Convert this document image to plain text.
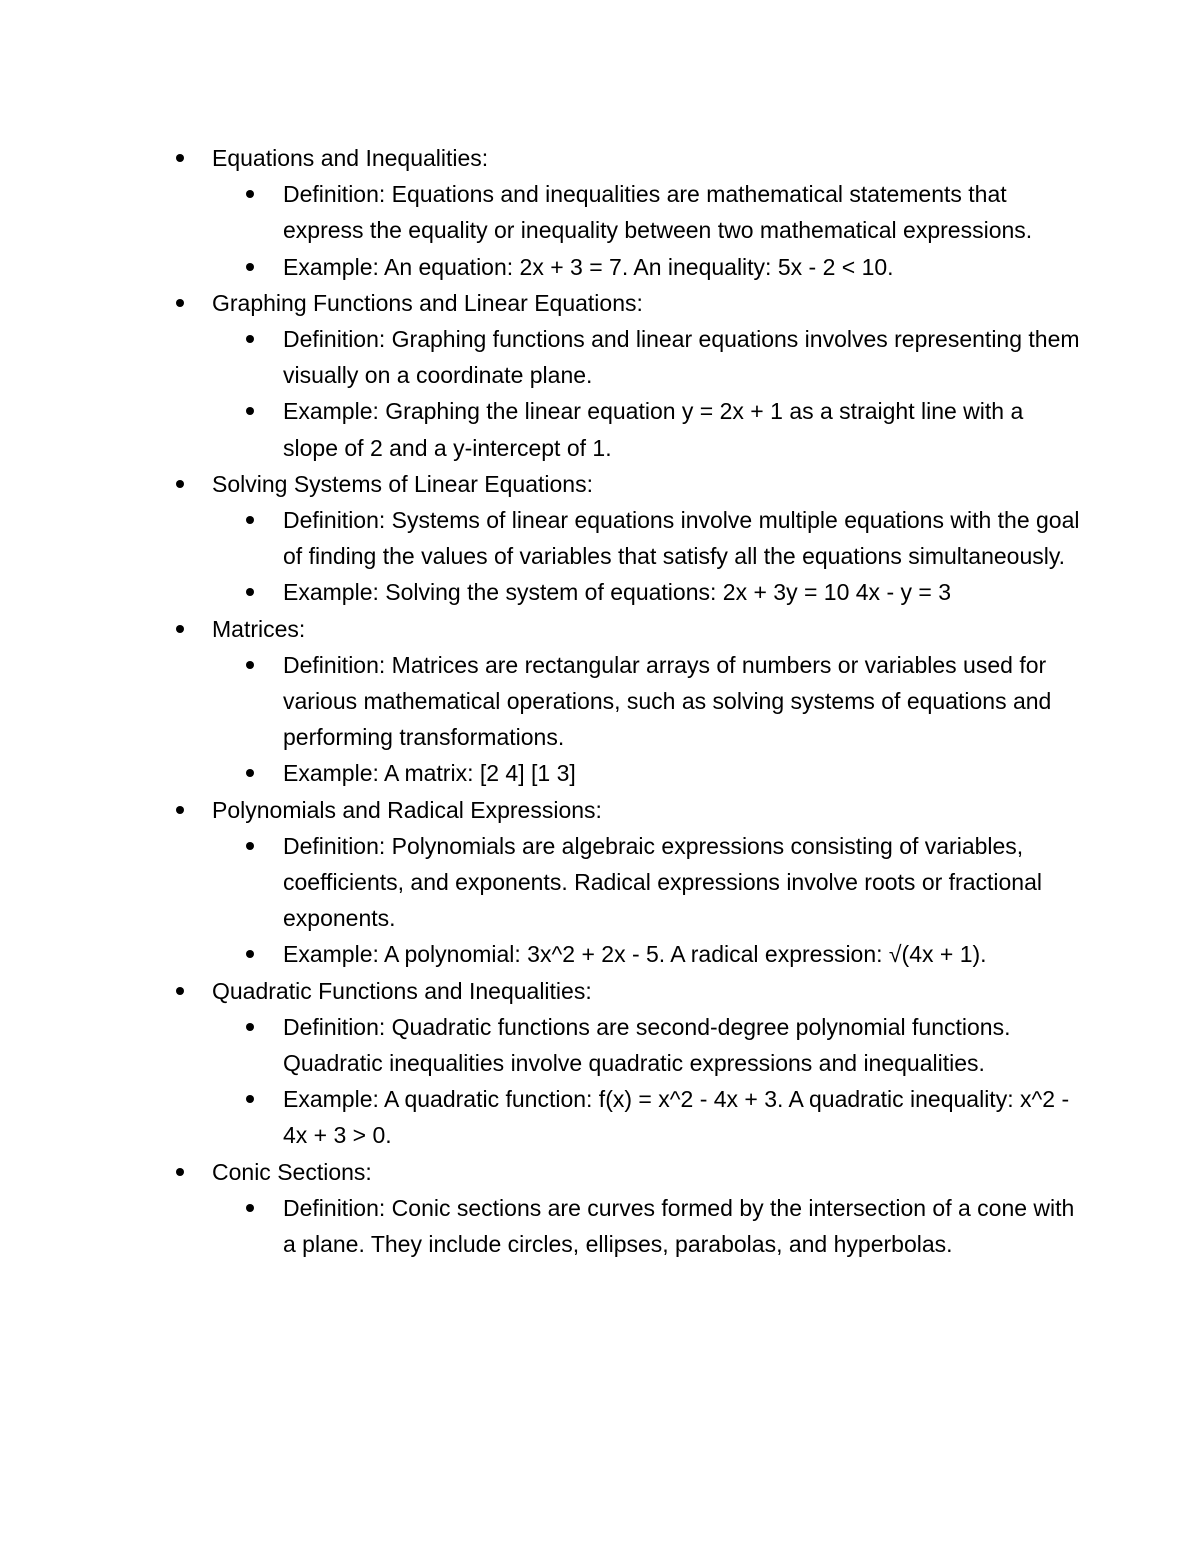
Equations and Inequalities:
Definition: Equations and inequalities are mathematical statements that express the equality or inequality between two mathematical expressions.
Example: An equation: 2x + 3 = 7. An inequality: 5x - 2 < 10.
Graphing Functions and Linear Equations:
Definition: Graphing functions and linear equations involves representing them visually on a coordinate plane.
Example: Graphing the linear equation y = 2x + 1 as a straight line with a slope of 2 and a y-intercept of 1.
Solving Systems of Linear Equations:
Definition: Systems of linear equations involve multiple equations with the goal of finding the values of variables that satisfy all the equations simultaneously.
Example: Solving the system of equations: 2x + 3y = 10 4x - y = 3
Matrices:
Definition: Matrices are rectangular arrays of numbers or variables used for various mathematical operations, such as solving systems of equations and performing transformations.
Example: A matrix: [2 4] [1 3]
Polynomials and Radical Expressions:
Definition: Polynomials are algebraic expressions consisting of variables, coefficients, and exponents. Radical expressions involve roots or fractional exponents.
Example: A polynomial: 3x^2 + 2x - 5. A radical expression: √(4x + 1).
Quadratic Functions and Inequalities:
Definition: Quadratic functions are second-degree polynomial functions. Quadratic inequalities involve quadratic expressions and inequalities.
Example: A quadratic function: f(x) = x^2 - 4x + 3. A quadratic inequality: x^2 - 4x + 3 > 0.
Conic Sections:
Definition: Conic sections are curves formed by the intersection of a cone with a plane. They include circles, ellipses, parabolas, and hyperbolas.
